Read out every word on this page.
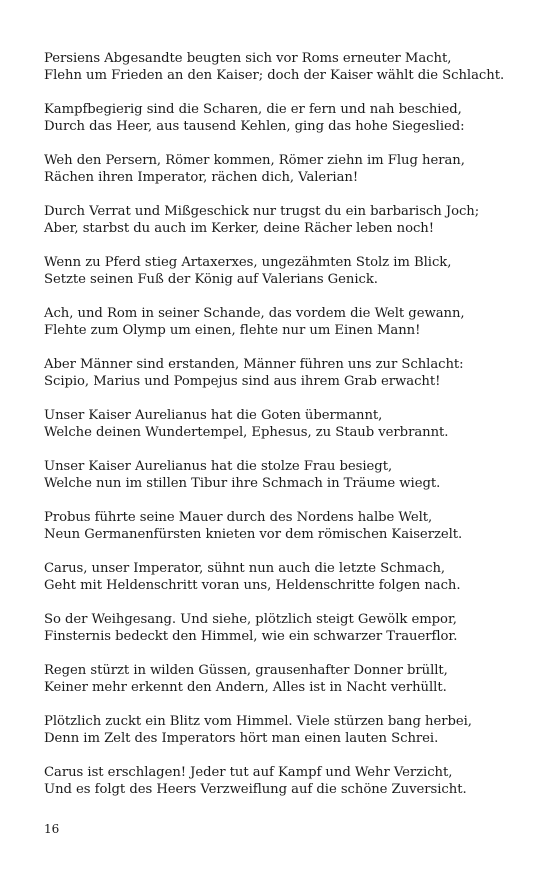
Persiens Abgesandte beugten sich vor Roms erneuter Macht,
Flehn um Frieden an den Kaiser; doch der Kaiser wählt die Schlacht.
Kampfbegierig sind die Scharen, die er fern und nah beschied,
Durch das Heer, aus tausend Kehlen, ging das hohe Siegeslied:
Weh den Persern, Römer kommen, Römer ziehn im Flug heran,
Rächen ihren Imperator, rächen dich, Valerian!
Durch Verrat und Mißgeschick nur trugst du ein barbarisch Joch;
Aber, starbst du auch im Kerker, deine Rächer leben noch!
Wenn zu Pferd stieg Artaxerxes, ungezähmten Stolz im Blick,
Setzte seinen Fuß der König auf Valerians Genick.
Ach, und Rom in seiner Schande, das vordem die Welt gewann,
Flehte zum Olymp um einen, flehte nur um Einen Mann!
Aber Männer sind erstanden, Männer führen uns zur Schlacht:
Scipio, Marius und Pompejus sind aus ihrem Grab erwacht!
Unser Kaiser Aurelianus hat die Goten übermannt,
Welche deinen Wundertempel, Ephesus, zu Staub verbrannt.
Unser Kaiser Aurelianus hat die stolze Frau besiegt,
Welche nun im stillen Tibur ihre Schmach in Träume wiegt.
Probus führte seine Mauer durch des Nordens halbe Welt,
Neun Germanenfürsten knieten vor dem römischen Kaiserzelt.
Carus, unser Imperator, sühnt nun auch die letzte Schmach,
Geht mit Heldenschritt voran uns, Heldenschritte folgen nach.
So der Weihgesang. Und siehe, plötzlich steigt Gewölk empor,
Finsternis bedeckt den Himmel, wie ein schwarzer Trauerflor.
Regen stürzt in wilden Güssen, grausenhafter Donner brüllt,
Keiner mehr erkennt den Andern, Alles ist in Nacht verhüllt.
Plötzlich zuckt ein Blitz vom Himmel. Viele stürzen bang herbei,
Denn im Zelt des Imperators hört man einen lauten Schrei.
Carus ist erschlagen! Jeder tut auf Kampf und Wehr Verzicht,
Und es folgt des Heers Verzweiflung auf die schöne Zuversicht.
16
